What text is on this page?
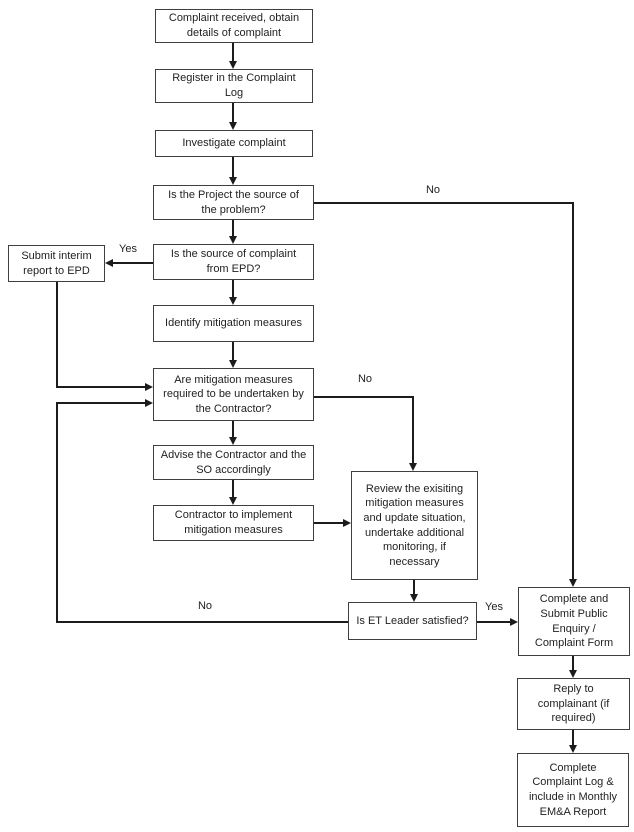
Complaint received, obtain details of complaint
Register in the Complaint Log
Investigate complaint
Is the Project the source of the problem?
Is the source of complaint from EPD?
Submit interim report to EPD
Identify mitigation measures
Are mitigation measures required to be undertaken by the Contractor?
Advise the Contractor and the SO accordingly
Contractor to implement mitigation measures
Review the exisiting mitigation measures and update situation, undertake additional monitoring, if necessary
Is ET Leader satisfied?
Complete and Submit Public Enquiry / Complaint Form
Reply to complainant (if required)
Complete Complaint Log & include in Monthly EM&A Report
No
Yes
No
No	Yes
